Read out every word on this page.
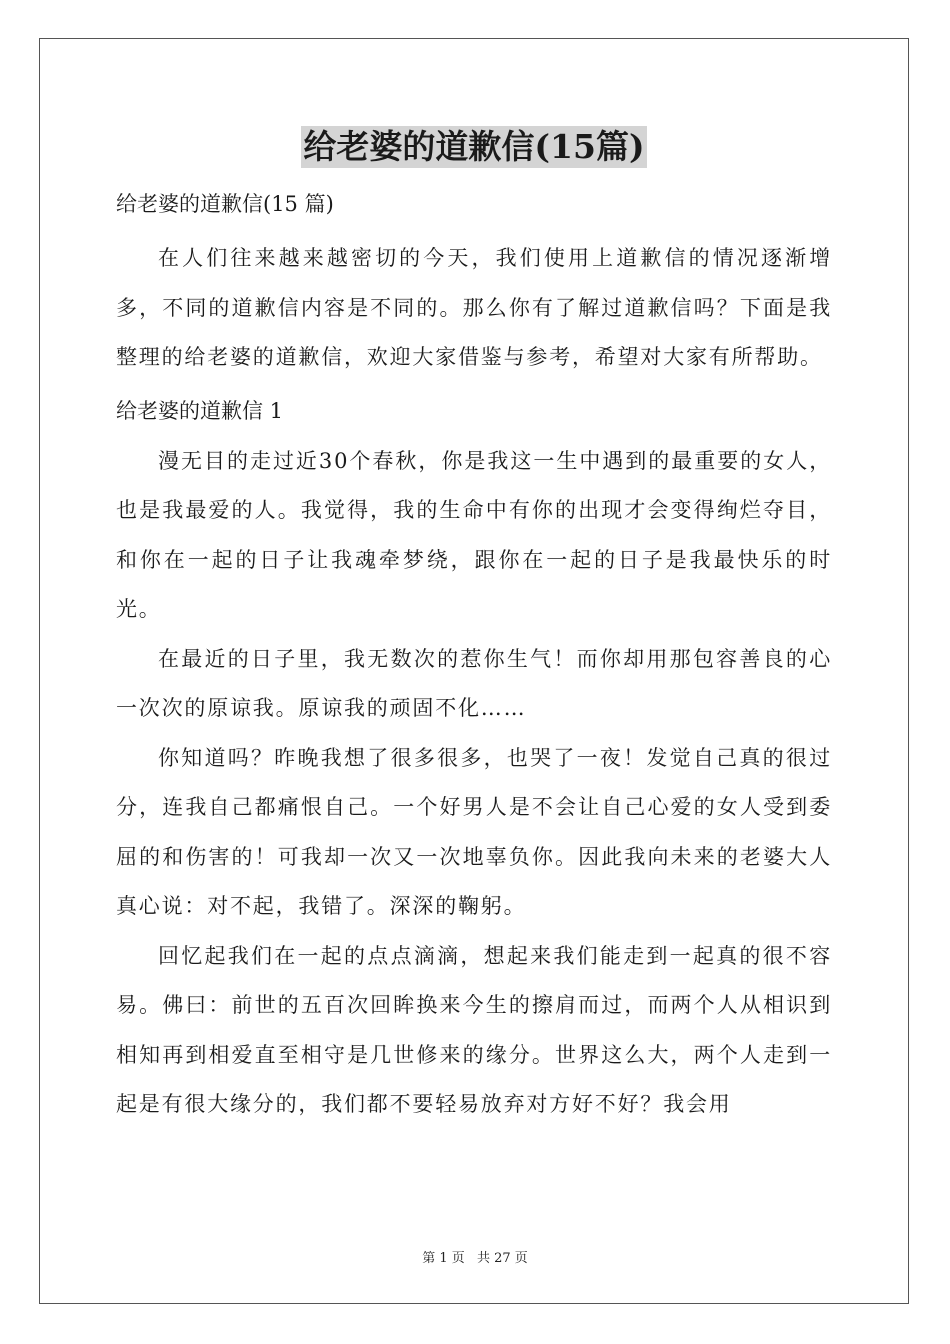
给老婆的道歉信(15篇)

给老婆的道歉信(15 篇)

在人们往来越来越密切的今天，我们使用上道歉信的情况逐渐增多，不同的道歉信内容是不同的。那么你有了解过道歉信吗？下面是我整理的给老婆的道歉信，欢迎大家借鉴与参考，希望对大家有所帮助。

给老婆的道歉信 1

漫无目的走过近30个春秋，你是我这一生中遇到的最重要的女人，也是我最爱的人。我觉得，我的生命中有你的出现才会变得绚烂夺目，和你在一起的日子让我魂牵梦绕，跟你在一起的日子是我最快乐的时光。

在最近的日子里，我无数次的惹你生气！而你却用那包容善良的心一次次的原谅我。原谅我的顽固不化……

你知道吗？昨晚我想了很多很多，也哭了一夜！发觉自己真的很过分，连我自己都痛恨自己。一个好男人是不会让自己心爱的女人受到委屈的和伤害的！可我却一次又一次地辜负你。因此我向未来的老婆大人真心说：对不起，我错了。深深的鞠躬。

回忆起我们在一起的点点滴滴，想起来我们能走到一起真的很不容易。佛曰：前世的五百次回眸换来今生的擦肩而过，而两个人从相识到相知再到相爱直至相守是几世修来的缘分。世界这么大，两个人走到一起是有很大缘分的，我们都不要轻易放弃对方好不好？我会用

第 1 页 共 27 页
